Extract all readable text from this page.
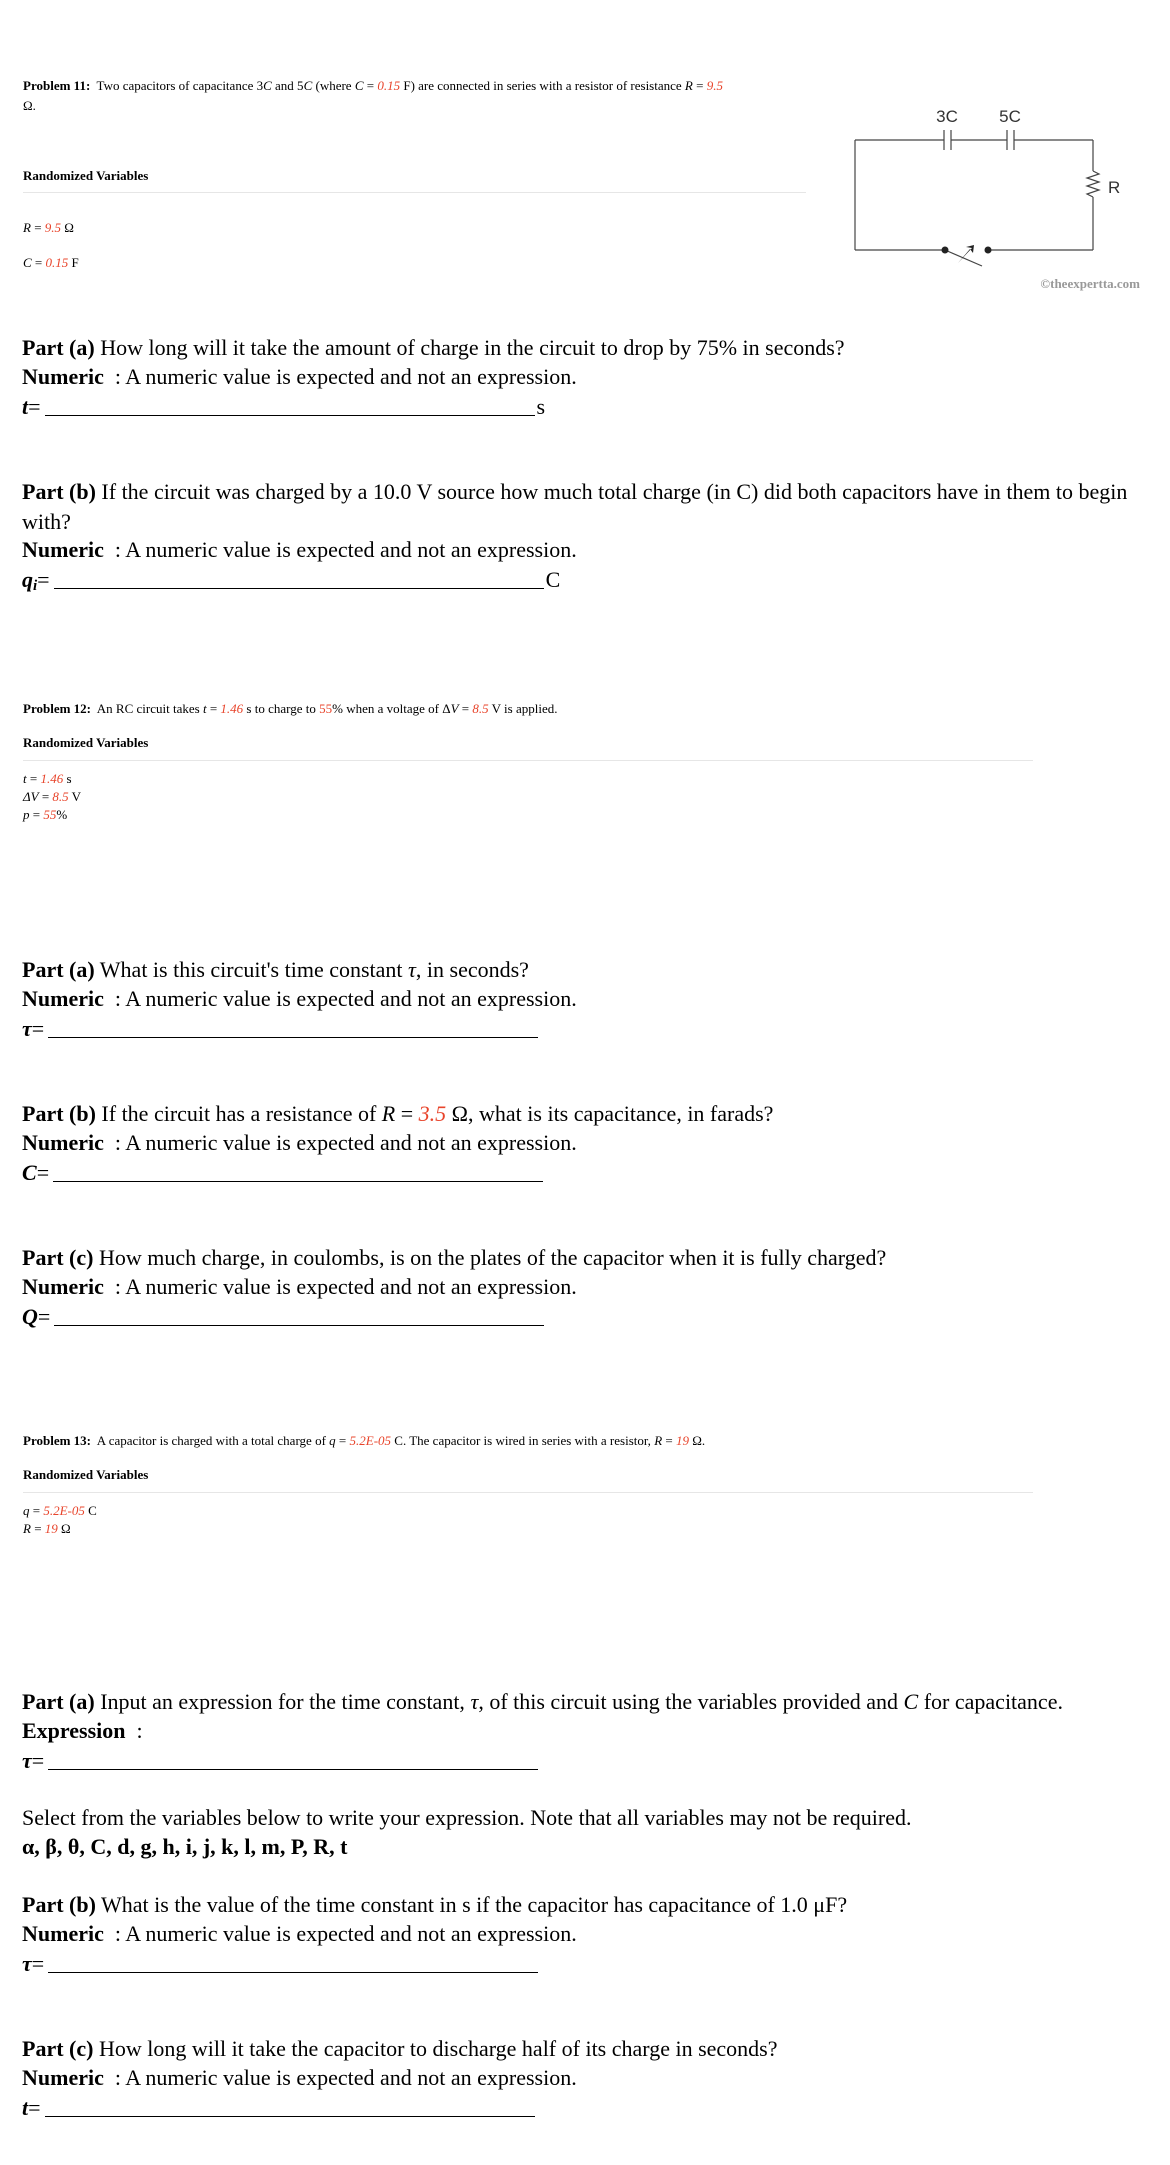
Problem 11: Two capacitors of capacitance 3C and 5C (where C = 0.15 F) are connected in series with a resistor of resistance R = 9.5
Ω.
Randomized Variables
R = 9.5 Ω
C = 0.15 F
3C 5C
R
©theexpertta.com
Part (a) How long will it take the amount of charge in the circuit to drop by 75% in seconds?
Numeric  : A numeric value is expected and not an expression.
t =	s
Part (b) If the circuit was charged by a 10.0 V source how much total charge (in C) did both capacitors have in them to begin with?
Numeric  : A numeric value is expected and not an expression.
q i =	C
Problem 12: An RC circuit takes t = 1.46 s to charge to 55% when a voltage of ΔV = 8.5 V is applied.
Randomized Variables
t = 1.46 s
ΔV = 8.5 V
p = 55%
Part (a) What is this circuit's time constant τ, in seconds?
Numeric  : A numeric value is expected and not an expression.
τ =
Part (b) If the circuit has a resistance of R = 3.5 Ω, what is its capacitance, in farads?
Numeric  : A numeric value is expected and not an expression.
C =
Part (c) How much charge, in coulombs, is on the plates of the capacitor when it is fully charged?
Numeric  : A numeric value is expected and not an expression.
Q =
Problem 13: A capacitor is charged with a total charge of q = 5.2E-05 C. The capacitor is wired in series with a resistor, R = 19 Ω.
Randomized Variables
q = 5.2E-05 C
R = 19 Ω
Part (a) Input an expression for the time constant, τ, of this circuit using the variables provided and C for capacitance.
Expression  :
τ =
Select from the variables below to write your expression. Note that all variables may not be required.
α, β, θ, C, d, g, h, i, j, k, l, m, P, R, t
Part (b) What is the value of the time constant in s if the capacitor has capacitance of 1.0 μF?
Numeric  : A numeric value is expected and not an expression.
τ =
Part (c) How long will it take the capacitor to discharge half of its charge in seconds?
Numeric  : A numeric value is expected and not an expression.
t =
